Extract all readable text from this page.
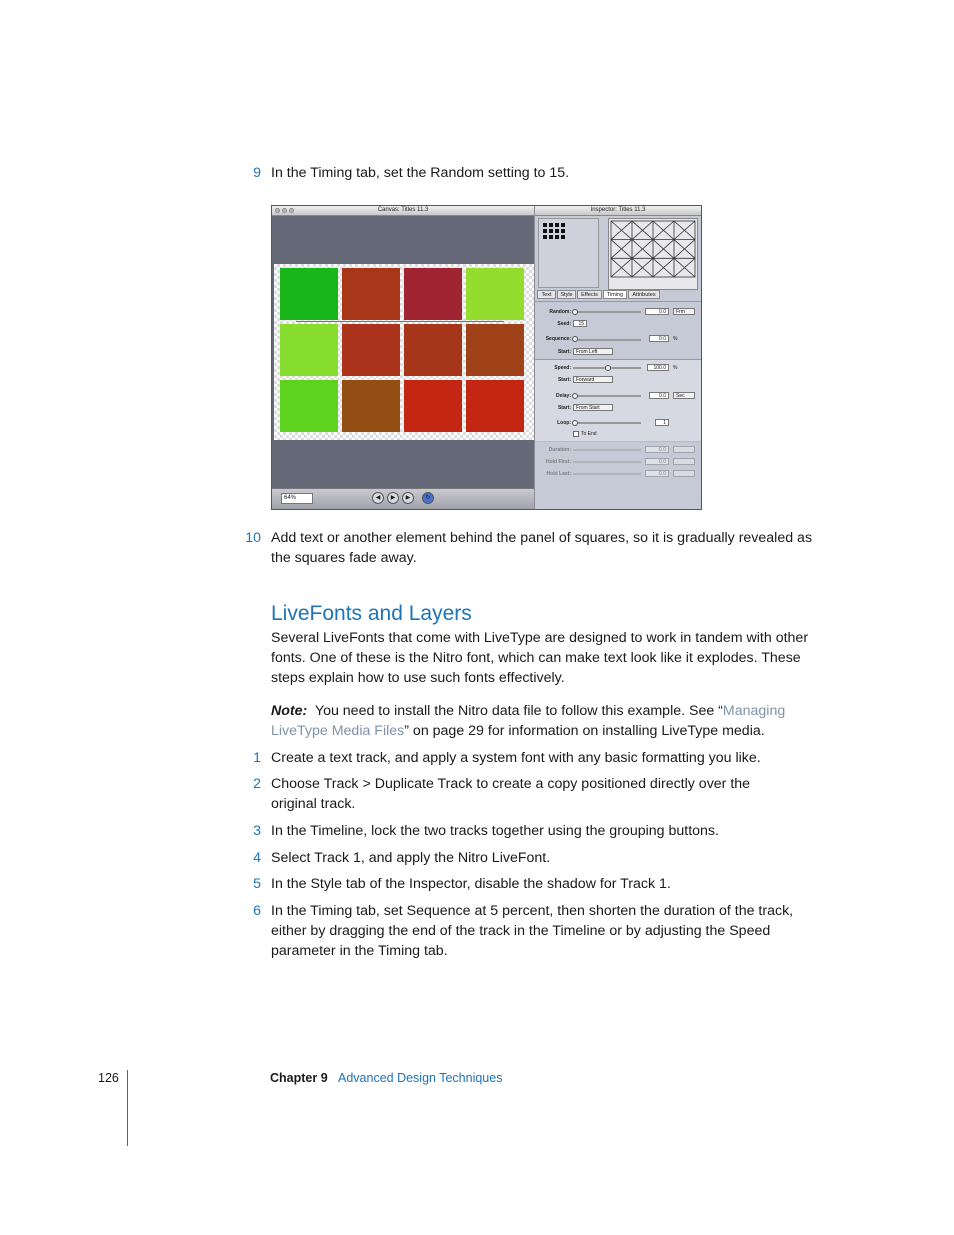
9 In the Timing tab, set the Random setting to 15.
Canvas: Titles 11.3
64%	◀	▶	▶	↻
Inspector: Titles 11.3
Text	Style	Effects	Timing	Attributes
Random:	0.0	Frm
Seed:	15
Sequence:	0.0	%
Start:	From Left
Speed:	100.0	%
Start:	Forward
Delay:	0.0	Sec
Start:	From Start
Loop:	1
To End
Duration:	0.0
Hold First:	0.0
Hold Last:	0.0
10 Add text or another element behind the panel of squares, so it is gradually revealed as the squares fade away.
LiveFonts and Layers
Several LiveFonts that come with LiveType are designed to work in tandem with other fonts. One of these is the Nitro font, which can make text look like it explodes. These steps explain how to use such fonts effectively.
Note: You need to install the Nitro data file to follow this example. See “Managing LiveType Media Files” on page 29 for information on installing LiveType media.
1 Create a text track, and apply a system font with any basic formatting you like.
2 Choose Track > Duplicate Track to create a copy positioned directly over the original track.
3 In the Timeline, lock the two tracks together using the grouping buttons.
4 Select Track 1, and apply the Nitro LiveFont.
5 In the Style tab of the Inspector, disable the shadow for Track 1.
6 In the Timing tab, set Sequence at 5 percent, then shorten the duration of the track, either by dragging the end of the track in the Timeline or by adjusting the Speed parameter in the Timing tab.
126	Chapter 9 Advanced Design Techniques
